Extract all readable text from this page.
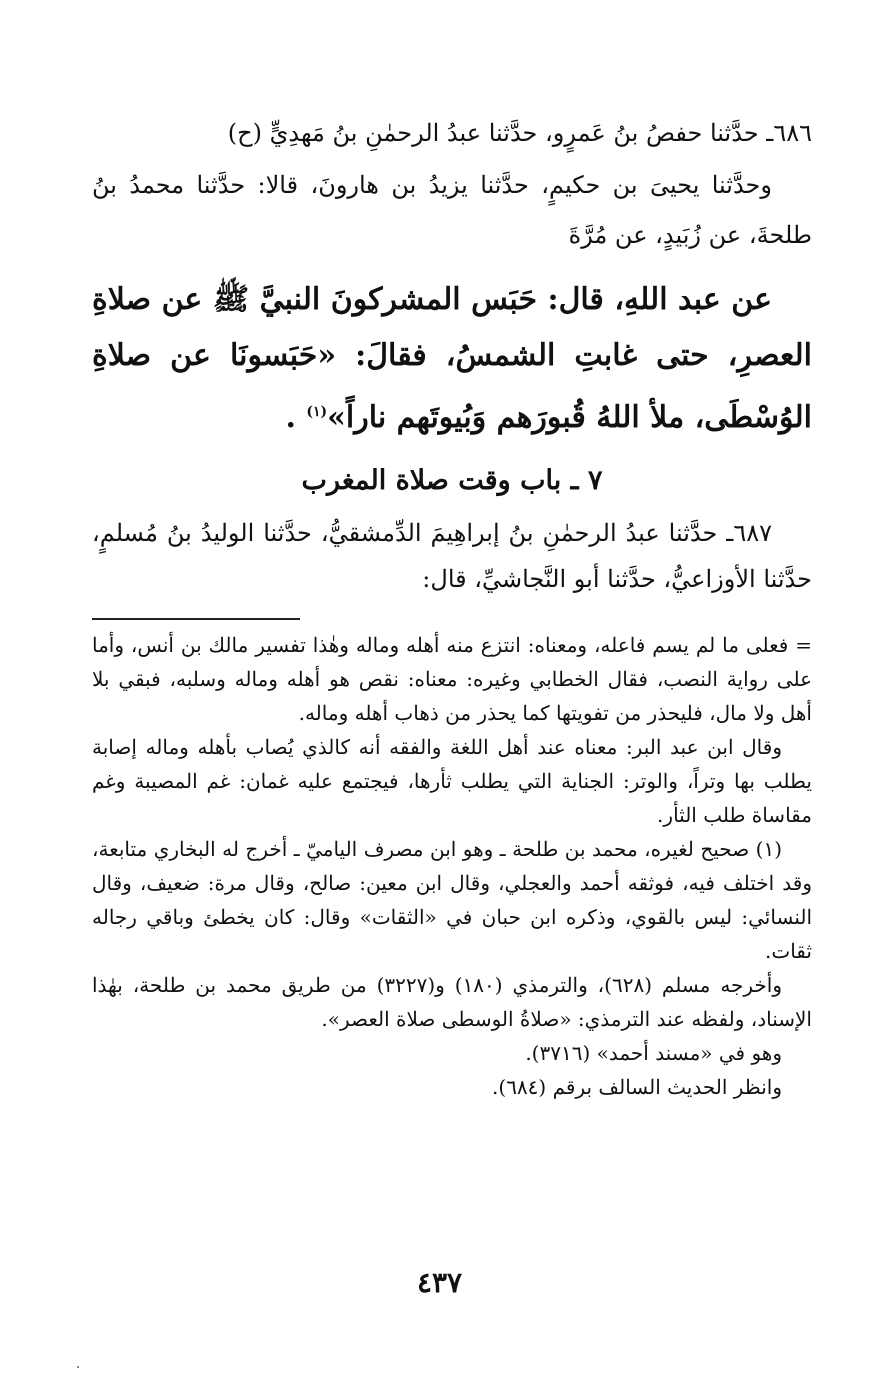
٦٨٦ـ حدَّثنا حفصُ بنُ عَمرٍو، حدَّثنا عبدُ الرحمٰنِ بنُ مَهدِيٍّ (ح)

وحدَّثنا يحيىَ بن حكيمٍ، حدَّثنا يزيدُ بن هارونَ، قالا: حدَّثنا محمدُ بنُ طلحةَ، عن زُبَيدٍ، عن مُرَّةَ

عن عبد اللهِ، قال: حَبَس المشركونَ النبيَّ ﷺ عن صلاةِ العصرِ، حتى غابتِ الشمسُ، فقالَ: «حَبَسونَا عن صلاةِ الوُسْطَى، ملأ اللهُ قُبورَهم وَبُيوتَهم ناراً»$^{(١)}$ .

٧ ـ باب وقت صلاة المغرب

٦٨٧ـ حدَّثنا عبدُ الرحمٰنِ بنُ إبراهِيمَ الدِّمشقيُّ، حدَّثنا الوليدُ بنُ مُسلمٍ، حدَّثنا الأوزاعيُّ، حدَّثنا أبو النَّجاشيِّ، قال:

= فعلى ما لم يسم فاعله، ومعناه: انتزع منه أهله وماله وهٰذا تفسير مالك بن أنس، وأما على رواية النصب، فقال الخطابي وغيره: معناه: نقص هو أهله وماله وسلبه، فبقي بلا أهل ولا مال، فليحذر من تفويتها كما يحذر من ذهاب أهله وماله.

وقال ابن عبد البر: معناه عند أهل اللغة والفقه أنه كالذي يُصاب بأهله وماله إصابة يطلب بها وتراً، والوتر: الجناية التي يطلب ثأرها، فيجتمع عليه غمان: غم المصيبة وغم مقاساة طلب الثأر.

(١) صحيح لغيره، محمد بن طلحة ـ وهو ابن مصرف الياميّ ـ أخرج له البخاري متابعة، وقد اختلف فيه، فوثقه أحمد والعجلي، وقال ابن معين: صالح، وقال مرة: ضعيف، وقال النسائي: ليس بالقوي، وذكره ابن حبان في «الثقات» وقال: كان يخطئ وباقي رجاله ثقات.

وأخرجه مسلم (٦٢٨)، والترمذي (١٨٠) و(٣٢٢٧) من طريق محمد بن طلحة، بهٰذا الإسناد، ولفظه عند الترمذي: «صلاةُ الوسطى صلاة العصر».

وهو في «مسند أحمد» (٣٧١٦).

وانظر الحديث السالف برقم (٦٨٤).

٤٣٧
